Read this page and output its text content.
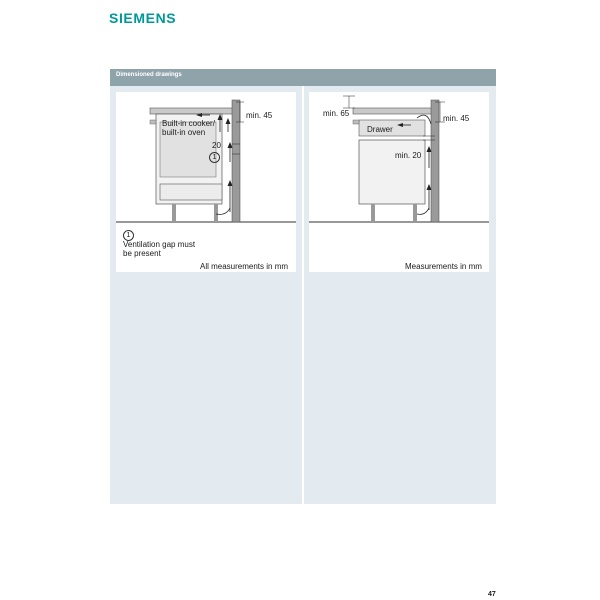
SIEMENS
Dimensioned drawings
Built-in cooker/
built-in oven
min. 45
20
1
1
Ventilation gap must
be present
All measurements in mm
min. 65
min. 45
Drawer
min. 20
Measurements in mm
47
